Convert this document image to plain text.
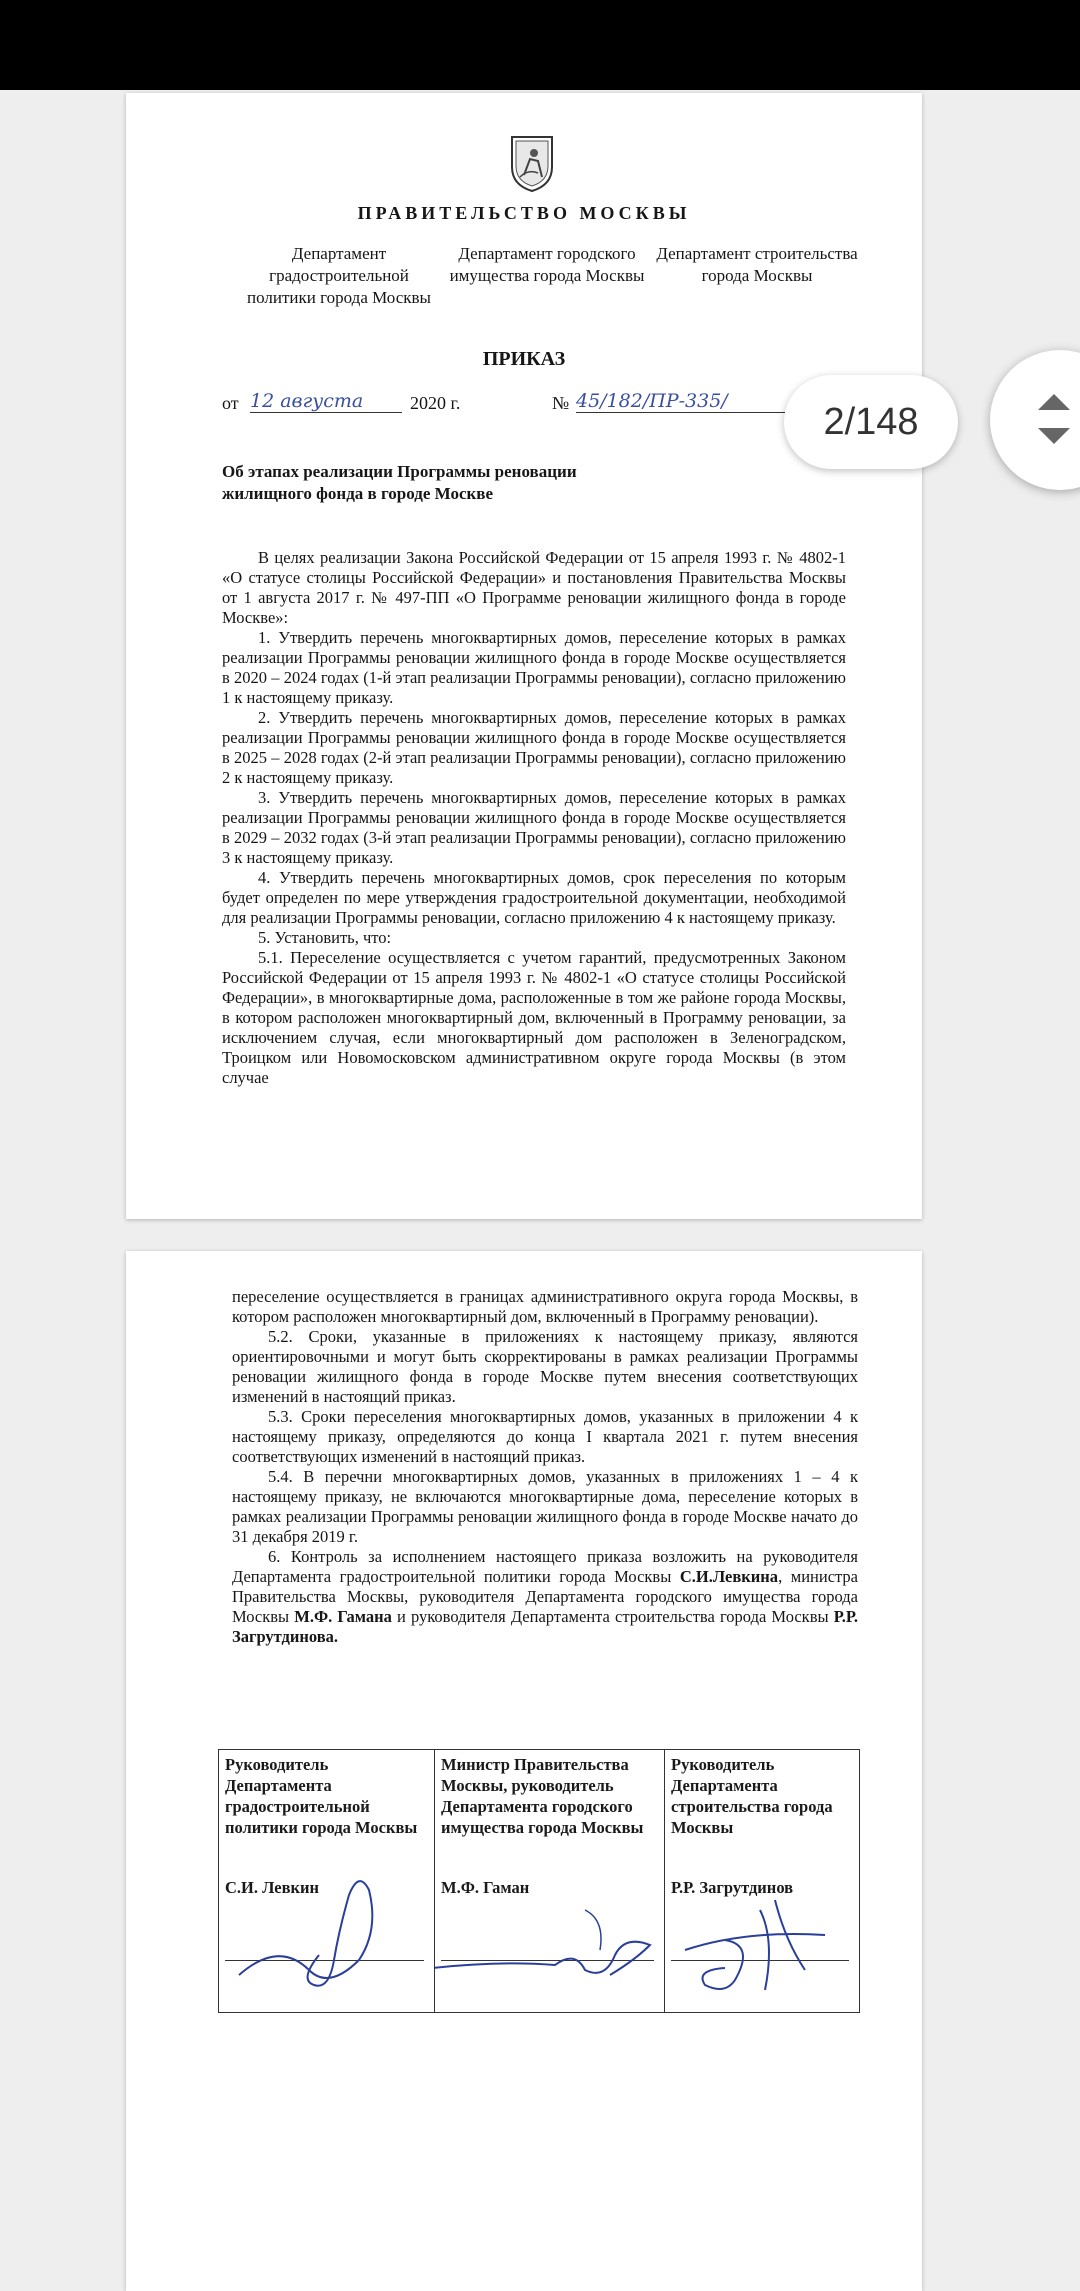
ПРАВИТЕЛЬСТВО МОСКВЫ
Департамент градостроительной политики города Москвы
Департамент городского имущества города Москвы
Департамент строительства города Москвы
ПРИКАЗ
от 12 августа	2020 г.	№ 45/182/ПР-335/
Об этапах реализации Программы реновации жилищного фонда в городе Москве

В целях реализации Закона Российской Федерации от 15 апреля 1993 г. № 4802-1 «О статусе столицы Российской Федерации» и постановления Правительства Москвы от 1 августа 2017 г. № 497-ПП «О Программе реновации жилищного фонда в городе Москве»:

1. Утвердить перечень многоквартирных домов, переселение которых в рамках реализации Программы реновации жилищного фонда в городе Москве осуществляется в 2020 – 2024 годах (1-й этап реализации Программы реновации), согласно приложению 1 к настоящему приказу.

2. Утвердить перечень многоквартирных домов, переселение которых в рамках реализации Программы реновации жилищного фонда в городе Москве осуществляется в 2025 – 2028 годах (2-й этап реализации Программы реновации), согласно приложению 2 к настоящему приказу.

3. Утвердить перечень многоквартирных домов, переселение которых в рамках реализации Программы реновации жилищного фонда в городе Москве осуществляется в 2029 – 2032 годах (3-й этап реализации Программы реновации), согласно приложению 3 к настоящему приказу.

4. Утвердить перечень многоквартирных домов, срок переселения по которым будет определен по мере утверждения градостроительной документации, необходимой для реализации Программы реновации, согласно приложению 4 к настоящему приказу.

5. Установить, что:

5.1. Переселение осуществляется с учетом гарантий, предусмотренных Законом Российской Федерации от 15 апреля 1993 г. № 4802-1 «О статусе столицы Российской Федерации», в многоквартирные дома, расположенные в том же районе города Москвы, в котором расположен многоквартирный дом, включенный в Программу реновации, за исключением случая, если многоквартирный дом расположен в Зеленоградском, Троицком или Новомосковском административном округе города Москвы (в этом случае

переселение осуществляется в границах административного округа города Москвы, в котором расположен многоквартирный дом, включенный в Программу реновации).

5.2. Сроки, указанные в приложениях к настоящему приказу, являются ориентировочными и могут быть скорректированы в рамках реализации Программы реновации жилищного фонда в городе Москве путем внесения соответствующих изменений в настоящий приказ.

5.3. Сроки переселения многоквартирных домов, указанных в приложении 4 к настоящему приказу, определяются до конца I квартала 2021 г. путем внесения соответствующих изменений в настоящий приказ.

5.4. В перечни многоквартирных домов, указанных в приложениях 1 – 4 к настоящему приказу, не включаются многоквартирные дома, переселение которых в рамках реализации Программы реновации жилищного фонда в городе Москве начато до 31 декабря 2019 г.

6. Контроль за исполнением настоящего приказа возложить на руководителя Департамента градостроительной политики города Москвы С.И.Левкина, министра Правительства Москвы, руководителя Департамента городского имущества города Москвы М.Ф. Гамана и руководителя Департамента строительства города Москвы Р.Р. Загрутдинова.

Руководитель Департамента градостроительной политики города Москвы
С.И. Левкин
Министр Правительства Москвы, руководитель Департамента городского имущества города Москвы
М.Ф. Гаман
Руководитель Департамента строительства города Москвы
Р.Р. Загрутдинов
2/148
